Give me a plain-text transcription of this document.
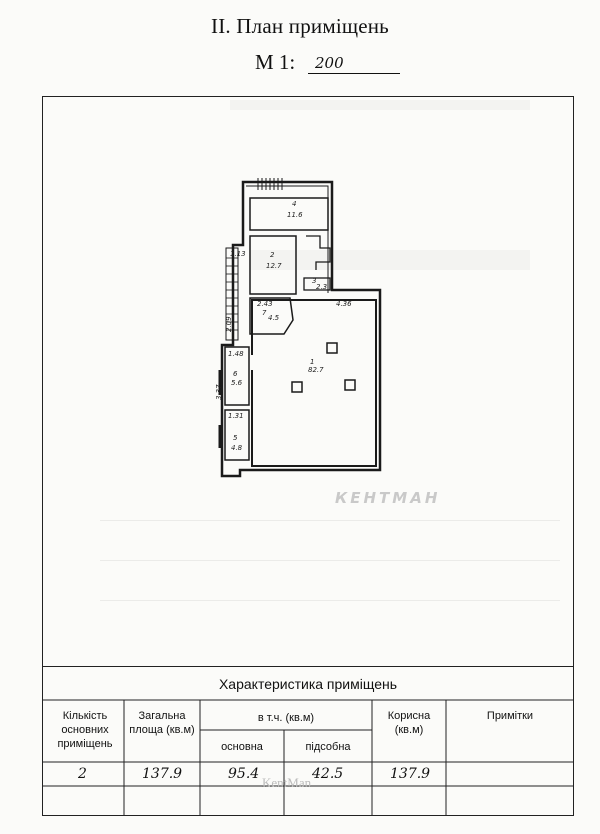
II. План приміщень
М 1: 200
4
11.6
2
12.7
3
2.3
2.43
7
4.5
1.13
4.36
1
82.7
1.48
6
5.6
1.31
5
4.8
3.37
2.09
КЕНТМАН
Характеристика приміщень
Кількість основних приміщень
Загальна площа (кв.м)
в т.ч. (кв.м)
основна	підсобна
Корисна (кв.м)
Примітки
2	137.9	95.4	42.5	137.9
KentMan
